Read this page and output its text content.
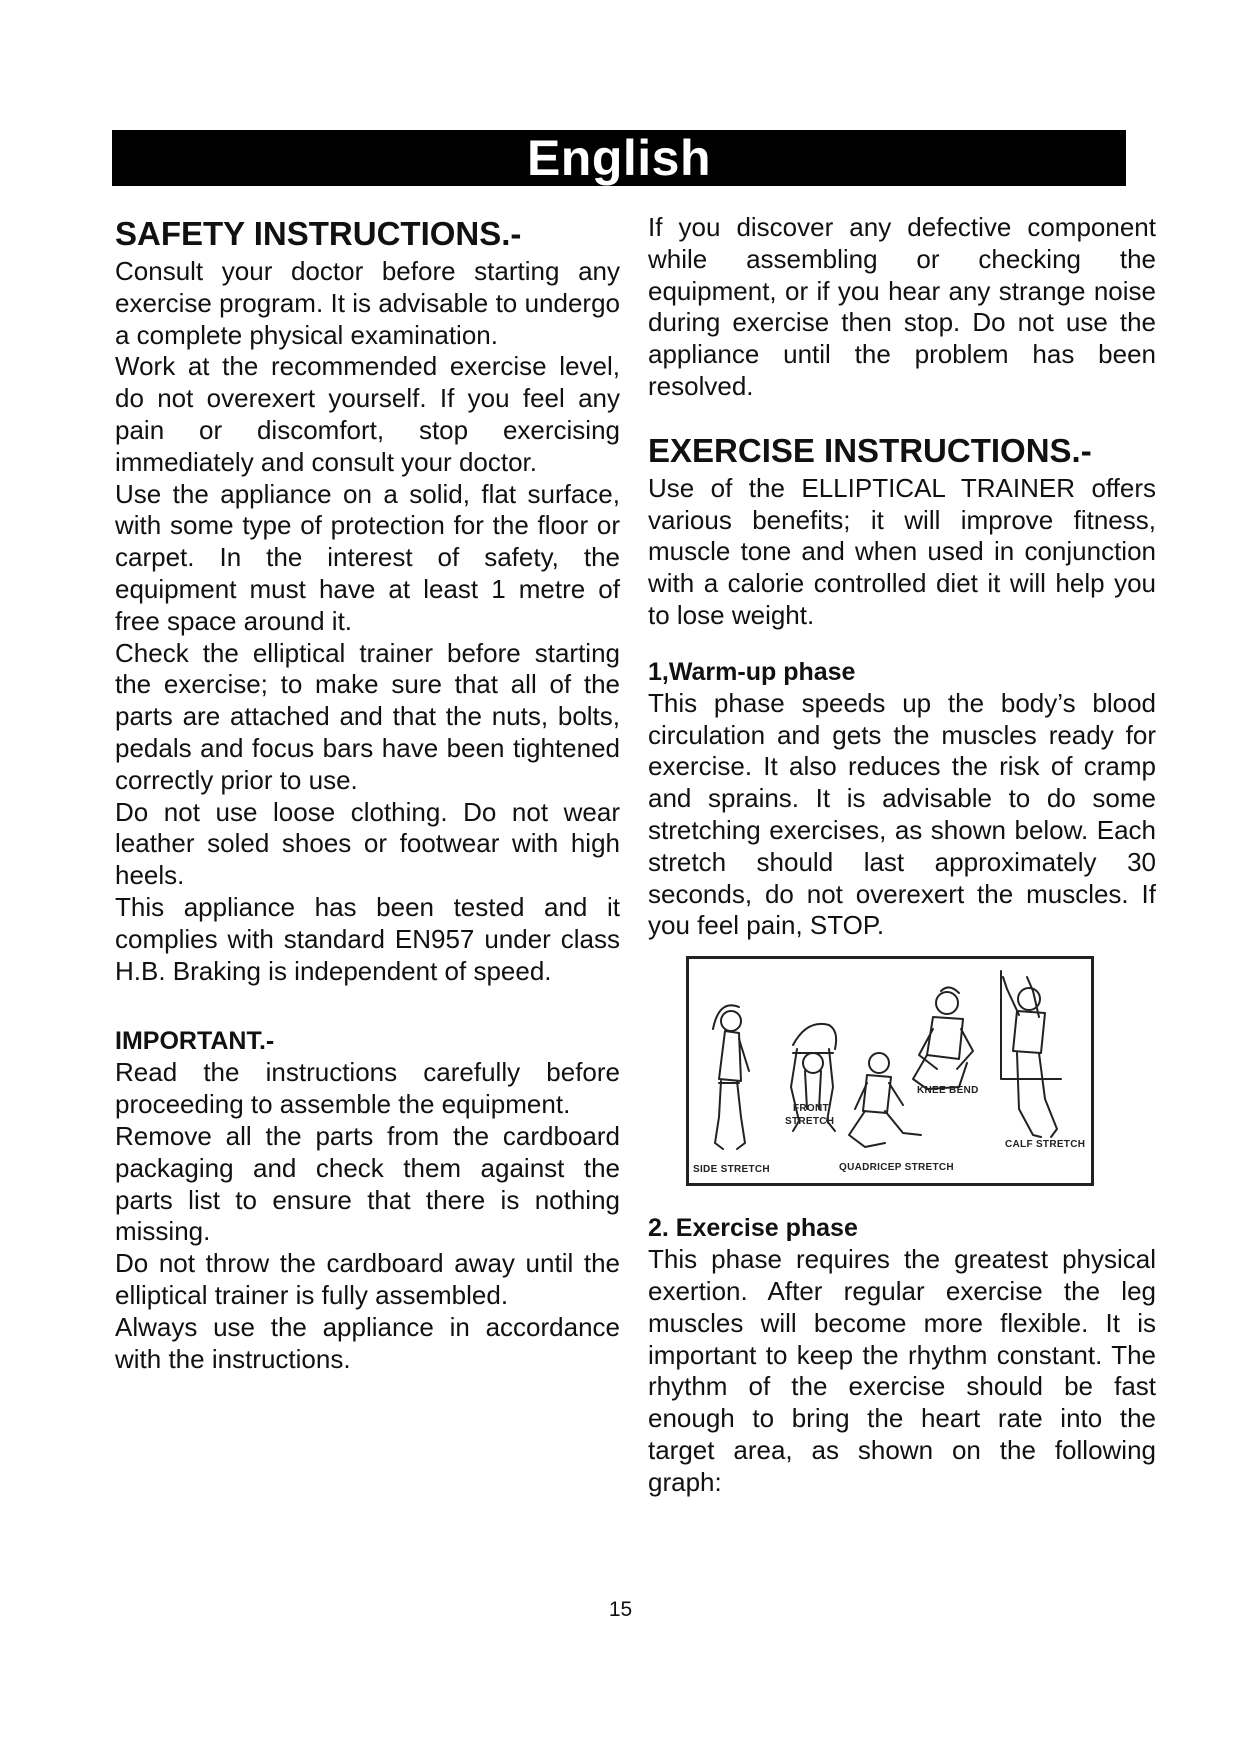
English
SAFETY INSTRUCTIONS.-

Consult your doctor before starting any exercise program. It is advisable to undergo a complete physical examination.

Work at the recommended exercise level, do not overexert yourself. If you feel any pain or discomfort, stop exercising immediately and consult your doctor.

Use the appliance on a solid, flat surface, with some type of protection for the floor or carpet. In the interest of safety, the equipment must have at least 1 metre of free space around it.

Check the elliptical trainer before starting the exercise; to make sure that all of the parts are attached and that the nuts, bolts, pedals and focus bars have been tightened correctly prior to use.

Do not use loose clothing. Do not wear leather soled shoes or footwear with high heels.

This appliance has been tested and it complies with standard EN957 under class H.B. Braking is independent of speed.

IMPORTANT.-

Read the instructions carefully before proceeding to assemble the equipment.

Remove all the parts from the cardboard packaging and check them against the parts list to ensure that there is nothing missing.

Do not throw the cardboard away until the elliptical trainer is fully assembled.

Always use the appliance in accordance with the instructions.

If you discover any defective component while assembling or checking the equipment, or if you hear any strange noise during exercise then stop. Do not use the appliance until the problem has been resolved.

EXERCISE INSTRUCTIONS.-

Use of the ELLIPTICAL TRAINER offers various benefits; it will improve fitness, muscle tone and when used in conjunction with a calorie controlled diet it will help you to lose weight.

1,Warm-up phase

This phase speeds up the body’s blood circulation and gets the muscles ready for exercise. It also reduces the risk of cramp and sprains. It is advisable to do some stretching exercises, as shown below. Each stretch should last approximately 30 seconds, do not overexert the muscles. If you feel pain, STOP.

SIDE STRETCH
FRONT
STRETCH
QUADRICEP STRETCH
KNEE BEND
CALF STRETCH
2. Exercise phase

This phase requires the greatest physical exertion. After regular exercise the leg muscles will become more flexible. It is important to keep the rhythm constant. The rhythm of the exercise should be fast enough to bring the heart rate into the target area, as shown on the following graph:

15
